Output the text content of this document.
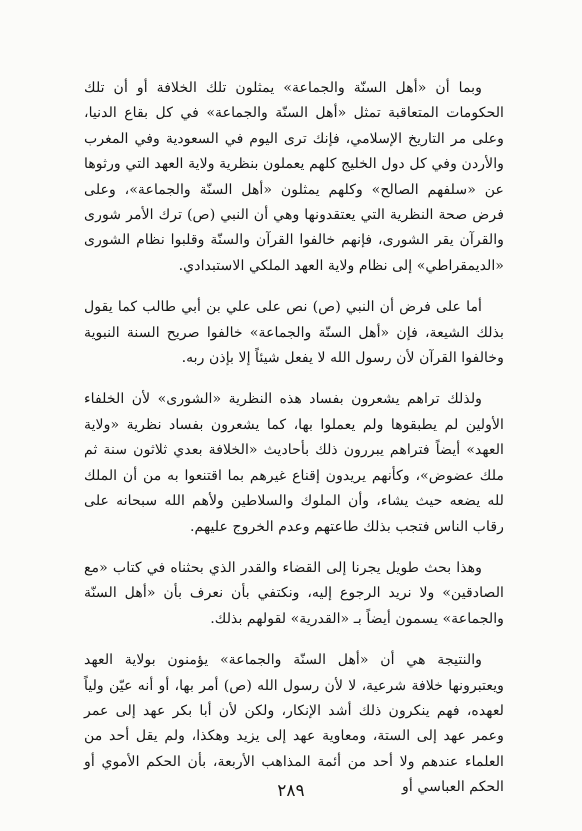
وبما أن «أهل السنّة والجماعة» يمثلون تلك الخلافة أو أن تلك الحكومات المتعاقبة تمثل «أهل السنّة والجماعة» في كل بقاع الدنيا، وعلى مر التاريخ الإسلامي، فإنك ترى اليوم في السعودية وفي المغرب والأردن وفي كل دول الخليج كلهم يعملون بنظرية ولاية العهد التي ورثوها عن «سلفهم الصالح» وكلهم يمثلون «أهل السنّة والجماعة»، وعلى فرض صحة النظرية التي يعتقدونها وهي أن النبي (ص) ترك الأمر شورى والقرآن يقر الشورى، فإنهم خالفوا القرآن والسنّة وقلبوا نظام الشورى «الديمقراطي» إلى نظام ولاية العهد الملكي الاستبدادي.

أما على فرض أن النبي (ص) نص على علي بن أبي طالب كما يقول بذلك الشيعة، فإن «أهل السنّة والجماعة» خالفوا صريح السنة النبوية وخالفوا القرآن لأن رسول الله لا يفعل شيئاً إلا بإذن ربه.

ولذلك تراهم يشعرون بفساد هذه النظرية «الشورى» لأن الخلفاء الأولين لم يطبقوها ولم يعملوا بها، كما يشعرون بفساد نظرية «ولاية العهد» أيضاً فتراهم يبررون ذلك بأحاديث «الخلافة بعدي ثلاثون سنة ثم ملك عضوض»، وكأنهم يريدون إقناع غيرهم بما اقتنعوا به من أن الملك لله يضعه حيث يشاء، وأن الملوك والسلاطين ولأهم الله سبحانه على رقاب الناس فتجب بذلك طاعتهم وعدم الخروج عليهم.

وهذا بحث طويل يجرنا إلى القضاء والقدر الذي بحثناه في كتاب «مع الصادقين» ولا نريد الرجوع إليه، ونكتفي بأن نعرف بأن «أهل السنّة والجماعة» يسمون أيضاً بـ «القدرية» لقولهم بذلك.

والنتيجة هي أن «أهل السنّة والجماعة» يؤمنون بولاية العهد ويعتبرونها خلافة شرعية، لا لأن رسول الله (ص) أمر بها، أو أنه عيّن ولياً لعهده، فهم ينكرون ذلك أشد الإنكار، ولكن لأن أبا بكر عهد إلى عمر وعمر عهد إلى الستة، ومعاوية عهد إلى يزيد وهكذا، ولم يقل أحد من العلماء عندهم ولا أحد من أئمة المذاهب الأربعة، بأن الحكم الأموي أو الحكم العباسي أو

٢٨٩
